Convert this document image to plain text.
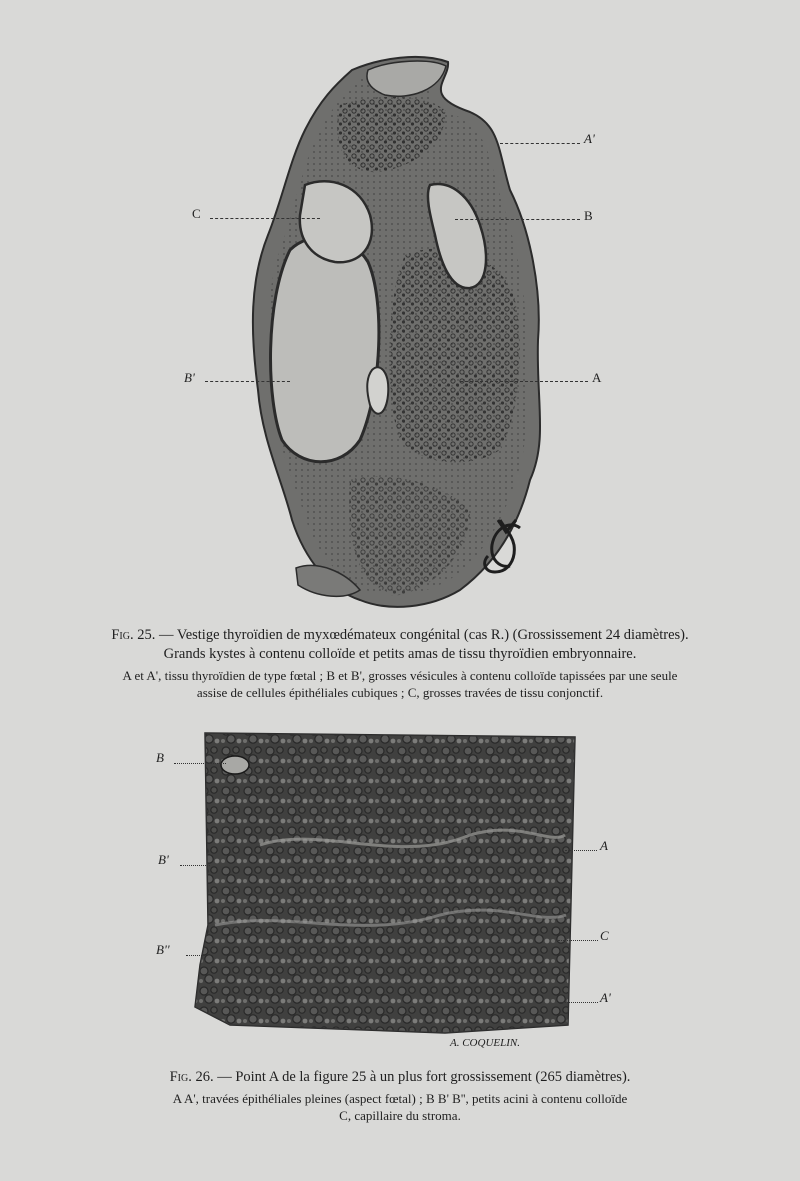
A'
C	B
B'	A
Fig. 25. — Vestige thyroïdien de myxœdémateux congénital (cas R.) (Grossissement 24 diamètres).
Grands kystes à contenu colloïde et petits amas de tissu thyroïdien embryonnaire.
A et A', tissu thyroïdien de type fœtal ; B et B', grosses vésicules à contenu colloïde tapissées par une seule
assise de cellules épithéliales cubiques ; C, grosses travées de tissu conjonctif.
B
B'
B''
A
C
A'
A. COQUELIN.
Fig. 26. — Point A de la figure 25 à un plus fort grossissement (265 diamètres).
A A', travées épithéliales pleines (aspect fœtal) ; B B' B'', petits acini à contenu colloïde
C, capillaire du stroma.
